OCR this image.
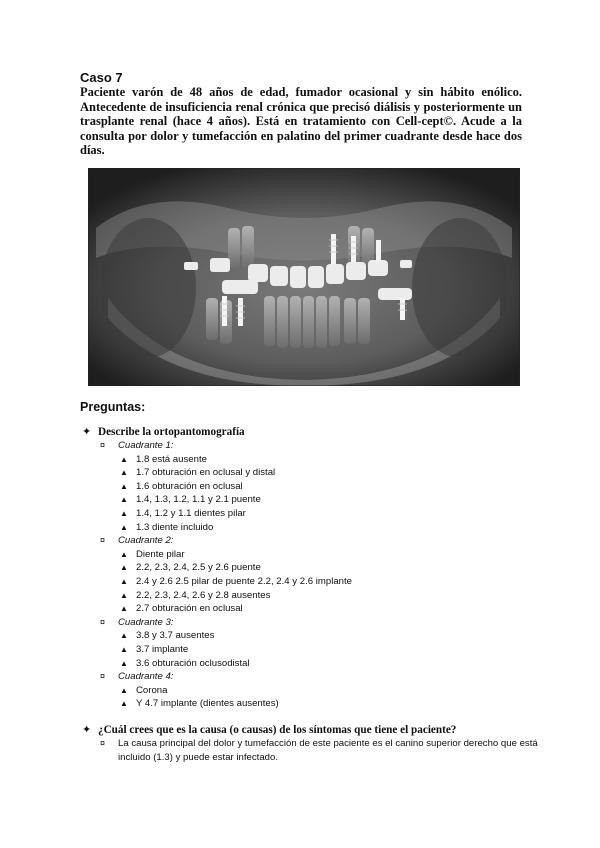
Caso 7

Paciente varón de 48 años de edad, fumador ocasional y sin hábito enólico. Antecedente de insuficiencia renal crónica que precisó diálisis y posteriormente un trasplante renal (hace 4 años). Está en tratamiento con Cell-cept©. Acude a la consulta por dolor y tumefacción en palatino del primer cuadrante desde hace dos días.

Preguntas:
✦ Describe la ortopantomografía
¤ Cuadrante 1:
▲ 1.8 está ausente
▲ 1.7 obturación en oclusal y distal
▲ 1.6 obturación en oclusal
▲ 1.4, 1.3, 1.2, 1.1 y 2.1 puente
▲ 1.4, 1.2 y 1.1 dientes pilar
▲ 1.3 diente incluido
¤ Cuadrante 2:
▲ Diente pilar
▲ 2.2, 2.3, 2.4, 2.5 y 2.6 puente
▲ 2.4 y 2.6 2.5 pilar de puente 2.2, 2.4 y 2.6 implante
▲ 2.2, 2.3, 2.4, 2.6 y 2.8 ausentes
▲ 2.7 obturación en oclusal
¤ Cuadrante 3:
▲ 3.8 y 3.7 ausentes
▲ 3.7 implante
▲ 3.6 obturación oclusodistal
¤ Cuadrante 4:
▲ Corona
▲ Y 4.7 implante (dientes ausentes)
✦ ¿Cuál crees que es la causa (o causas) de los síntomas que tiene el paciente?
¤ La causa principal del dolor y tumefacción de este paciente es el canino superior derecho que está incluido (1.3) y puede estar infectado.
